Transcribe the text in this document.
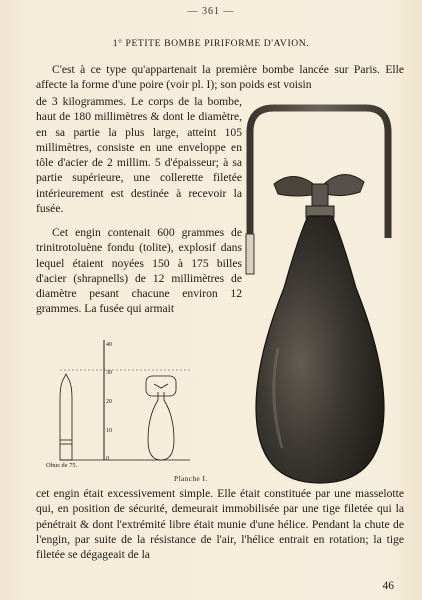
— 361 —
1° PETITE BOMBE PIRIFORME D'AVION.

C'est à ce type qu'appartenait la première bombe lancée sur Paris. Elle affecte la forme d'une poire (voir pl. I); son poids est voisin

de 3 kilogrammes. Le corps de la bombe, haut de 180 millimètres & dont le diamètre, en sa partie la plus large, atteint 105 millimètres, consiste en une enveloppe en tôle d'acier de 2 millim. 5 d'épaisseur; à sa partie supérieure, une collerette filetée intérieurement est destinée à recevoir la fusée.

Cet engin contenait 600 grammes de trinitrotoluène fondu (tolite), explosif dans lequel étaient noyées 150 à 175 billes d'acier (shrapnells) de 12 millimètres de diamètre pesant chacune environ 12 grammes. La fusée qui armait

40
30
20
10
0
Obus de 75.
Planche I.

cet engin était excessivement simple. Elle était constituée par une masselotte qui, en position de sécurité, demeurait immobilisée par une tige filetée qui la pénétrait & dont l'extrémité libre était munie d'une hélice. Pendant la chute de l'engin, par suite de la résistance de l'air, l'hélice entrait en rotation; la tige filetée se dégageait de la

46
